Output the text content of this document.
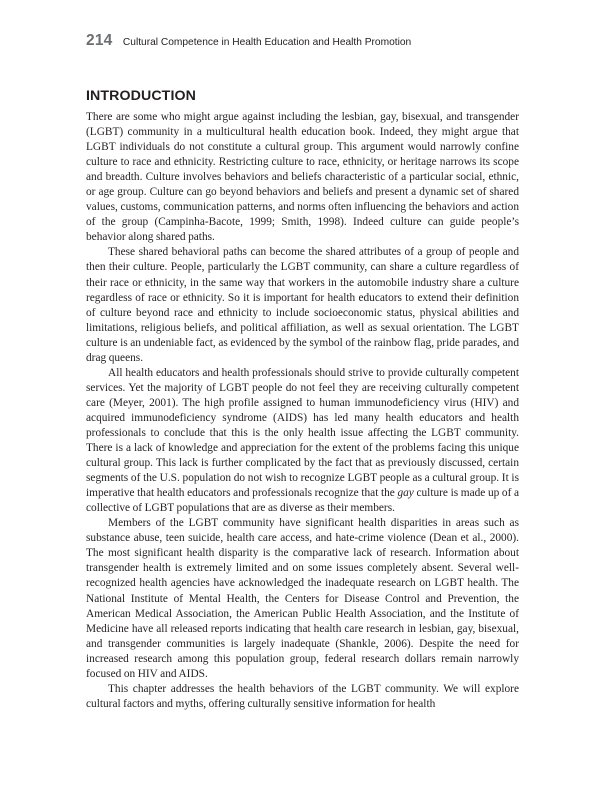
214 Cultural Competence in Health Education and Health Promotion
INTRODUCTION

There are some who might argue against including the lesbian, gay, bisexual, and transgender (LGBT) community in a multicultural health education book. Indeed, they might argue that LGBT individuals do not constitute a cultural group. This argument would narrowly confine culture to race and ethnicity. Restricting culture to race, ethnicity, or heritage narrows its scope and breadth. Culture involves behaviors and beliefs characteristic of a particular social, ethnic, or age group. Culture can go beyond behaviors and beliefs and present a dynamic set of shared values, customs, communication patterns, and norms often influencing the behaviors and action of the group (Campinha-Bacote, 1999; Smith, 1998). Indeed culture can guide people’s behavior along shared paths.

These shared behavioral paths can become the shared attributes of a group of people and then their culture. People, particularly the LGBT community, can share a culture regardless of their race or ethnicity, in the same way that workers in the automobile industry share a culture regardless of race or ethnicity. So it is important for health educators to extend their definition of culture beyond race and ethnicity to include socioeconomic status, physical abilities and limitations, religious beliefs, and political affiliation, as well as sexual orientation. The LGBT culture is an undeniable fact, as evidenced by the symbol of the rainbow flag, pride parades, and drag queens.

All health educators and health professionals should strive to provide culturally competent services. Yet the majority of LGBT people do not feel they are receiving culturally competent care (Meyer, 2001). The high profile assigned to human immunodeficiency virus (HIV) and acquired immunodeficiency syndrome (AIDS) has led many health educators and health professionals to conclude that this is the only health issue affecting the LGBT community. There is a lack of knowledge and appreciation for the extent of the problems facing this unique cultural group. This lack is further complicated by the fact that as previously discussed, certain segments of the U.S. population do not wish to recognize LGBT people as a cultural group. It is imperative that health educators and professionals recognize that the gay culture is made up of a collective of LGBT populations that are as diverse as their members.

Members of the LGBT community have significant health disparities in areas such as substance abuse, teen suicide, health care access, and hate-crime violence (Dean et al., 2000). The most significant health disparity is the comparative lack of research. Information about transgender health is extremely limited and on some issues completely absent. Several well-recognized health agencies have acknowledged the inadequate research on LGBT health. The National Institute of Mental Health, the Centers for Disease Control and Prevention, the American Medical Association, the American Public Health Association, and the Institute of Medicine have all released reports indicating that health care research in lesbian, gay, bisexual, and transgender communities is largely inadequate (Shankle, 2006). Despite the need for increased research among this population group, federal research dollars remain narrowly focused on HIV and AIDS.

This chapter addresses the health behaviors of the LGBT community. We will explore cultural factors and myths, offering culturally sensitive information for health
